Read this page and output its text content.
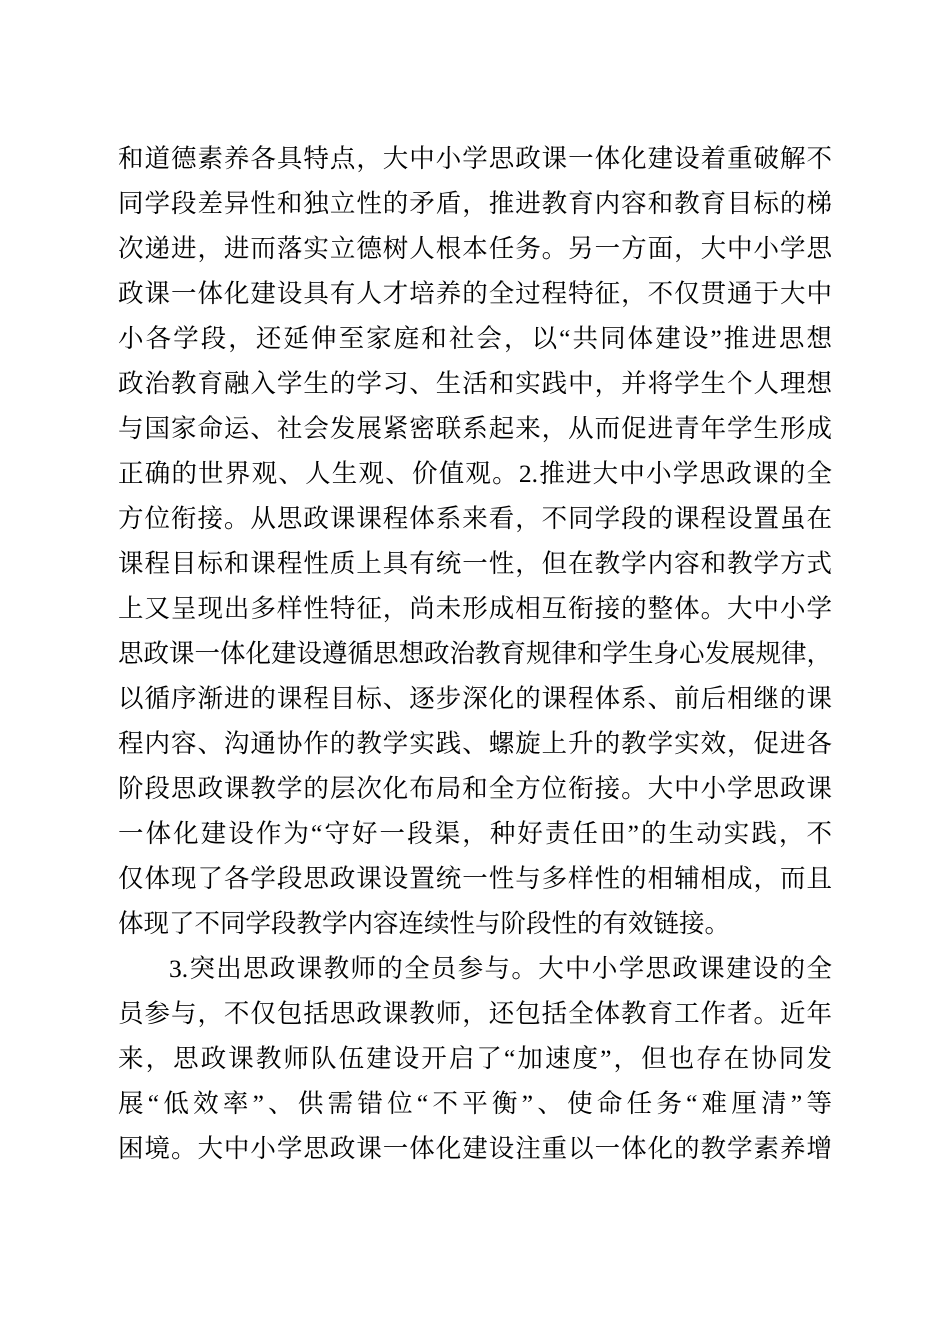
和道德素养各具特点，大中小学思政课一体化建设着重破解不
同学段差异性和独立性的矛盾，推进教育内容和教育目标的梯
次递进，进而落实立德树人根本任务。另一方面，大中小学思
政课一体化建设具有人才培养的全过程特征，不仅贯通于大中
小各学段，还延伸至家庭和社会，以“共同体建设”推进思想
政治教育融入学生的学习、生活和实践中，并将学生个人理想
与国家命运、社会发展紧密联系起来，从而促进青年学生形成
正确的世界观、人生观、价值观。2.推进大中小学思政课的全
方位衔接。从思政课课程体系来看，不同学段的课程设置虽在
课程目标和课程性质上具有统一性，但在教学内容和教学方式
上又呈现出多样性特征，尚未形成相互衔接的整体。大中小学
思政课一体化建设遵循思想政治教育规律和学生身心发展规律，
以循序渐进的课程目标、逐步深化的课程体系、前后相继的课
程内容、沟通协作的教学实践、螺旋上升的教学实效，促进各
阶段思政课教学的层次化布局和全方位衔接。大中小学思政课
一体化建设作为“守好一段渠，种好责任田”的生动实践，不
仅体现了各学段思政课设置统一性与多样性的相辅相成，而且
体现了不同学段教学内容连续性与阶段性的有效链接。
3.突出思政课教师的全员参与。大中小学思政课建设的全
员参与，不仅包括思政课教师，还包括全体教育工作者。近年
来，思政课教师队伍建设开启了“加速度”，但也存在协同发
展“低效率”、供需错位“不平衡”、使命任务“难厘清”等
困境。大中小学思政课一体化建设注重以一体化的教学素养增
